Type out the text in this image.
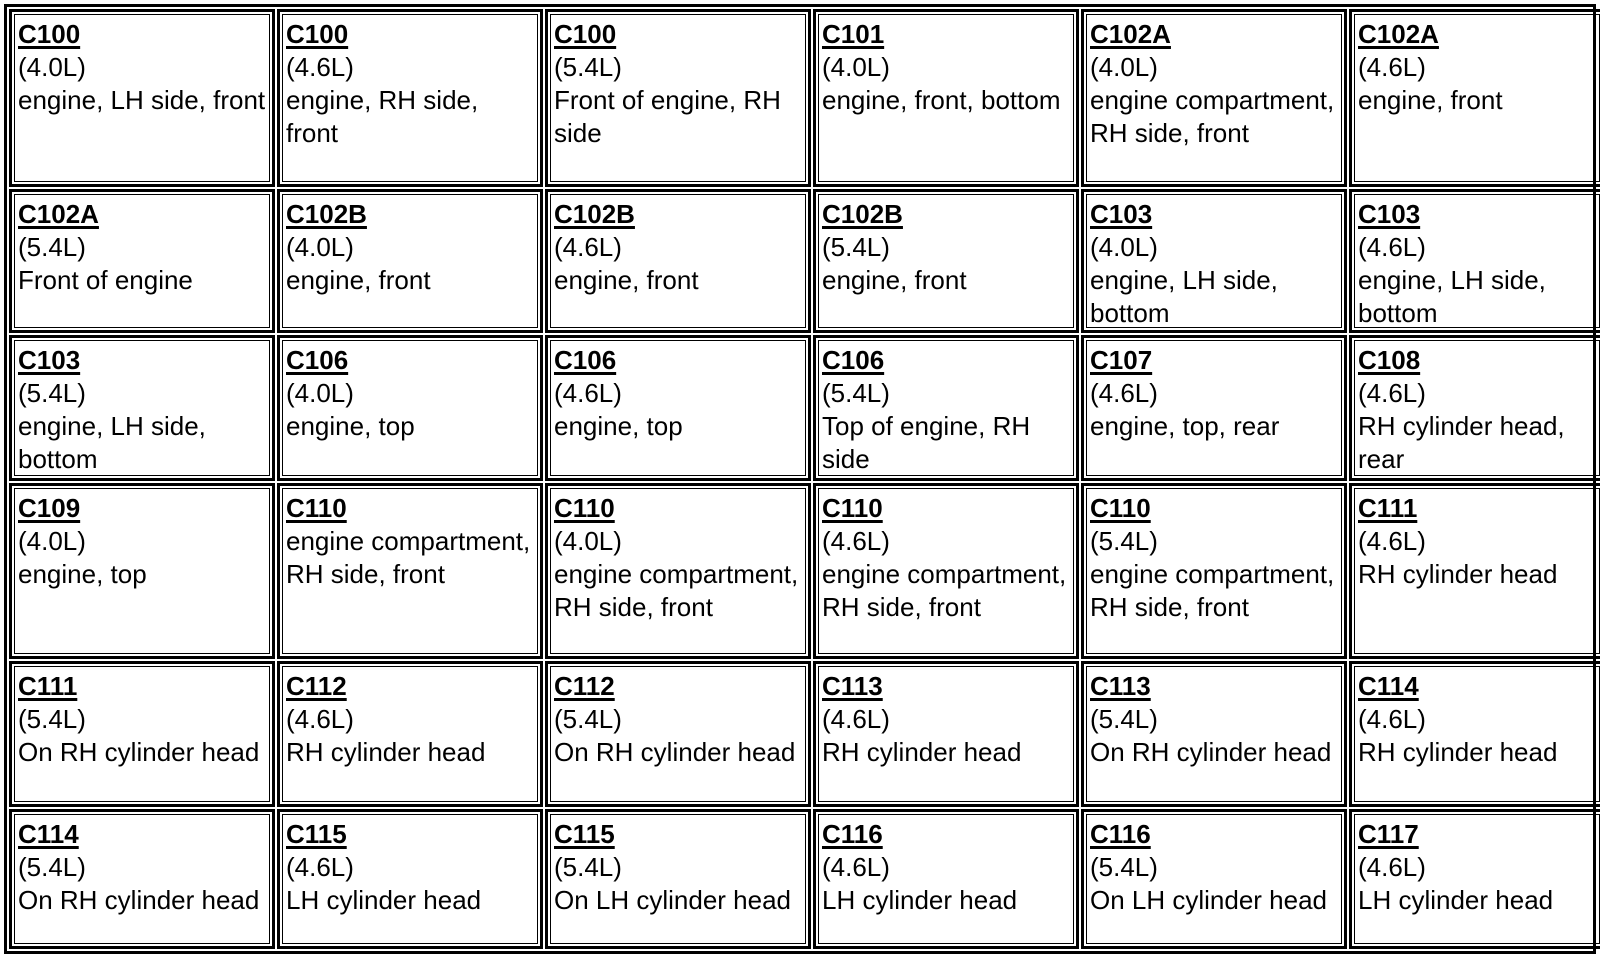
C100
(4.0L)
engine, LH side, front
C100
(4.6L)
engine, RH side, front
C100
(5.4L)
Front of engine, RH side
C101
(4.0L)
engine, front, bottom
C102A
(4.0L)
engine compartment, RH side, front
C102A
(4.6L)
engine, front
C102A
(5.4L)
Front of engine
C102B
(4.0L)
engine, front
C102B
(4.6L)
engine, front
C102B
(5.4L)
engine, front
C103
(4.0L)
engine, LH side, bottom
C103
(4.6L)
engine, LH side, bottom
C103
(5.4L)
engine, LH side, bottom
C106
(4.0L)
engine, top
C106
(4.6L)
engine, top
C106
(5.4L)
Top of engine, RH side
C107
(4.6L)
engine, top, rear
C108
(4.6L)
RH cylinder head, rear
C109
(4.0L)
engine, top
C110
engine compartment, RH side, front
C110
(4.0L)
engine compartment, RH side, front
C110
(4.6L)
engine compartment, RH side, front
C110
(5.4L)
engine compartment, RH side, front
C111
(4.6L)
RH cylinder head
C111
(5.4L)
On RH cylinder head
C112
(4.6L)
RH cylinder head
C112
(5.4L)
On RH cylinder head
C113
(4.6L)
RH cylinder head
C113
(5.4L)
On RH cylinder head
C114
(4.6L)
RH cylinder head
C114
(5.4L)
On RH cylinder head
C115
(4.6L)
LH cylinder head
C115
(5.4L)
On LH cylinder head
C116
(4.6L)
LH cylinder head
C116
(5.4L)
On LH cylinder head
C117
(4.6L)
LH cylinder head
